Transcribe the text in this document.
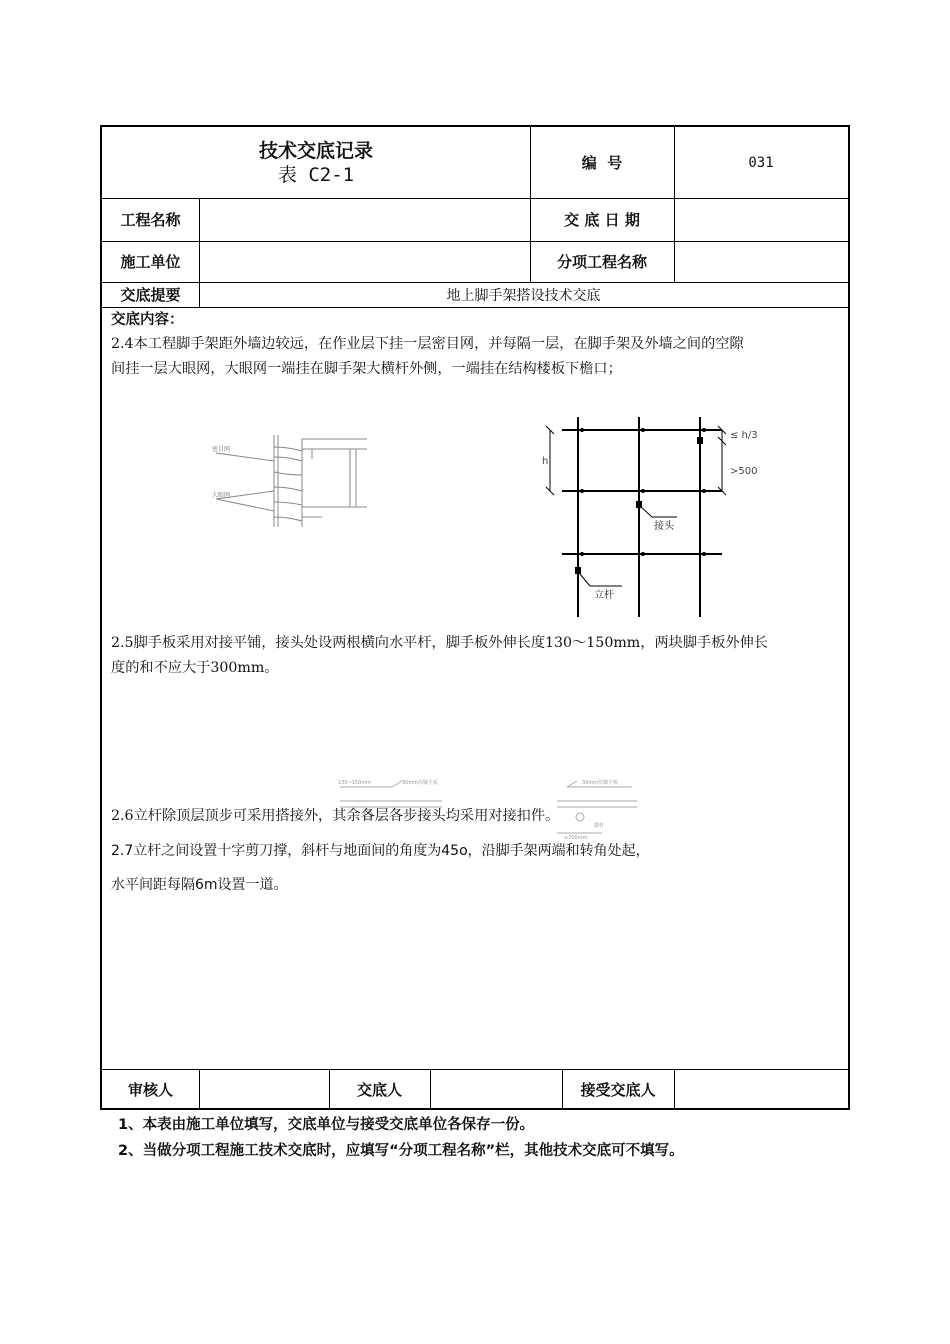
技术交底记录
表 C2-1
编  号	031
工程名称	交 底 日 期
施工单位	分项工程名称
交底提要	地上脚手架搭设技术交底
交底内容：
2.4本工程脚手架距外墙边较远，在作业层下挂一层密目网，并每隔一层，在脚手架及外墙之间的空隙
间挂一层大眼网，大眼网一端挂在脚手架大横杆外侧，一端挂在结构楼板下檐口；
密目网
大眼网
h
≤ h/3
>500
接头
立杆
2.5脚手板采用对接平铺，接头处设两根横向水平杆，脚手板外伸长度130～150mm，两块脚手板外伸长
度的和不应大于300mm。
130~150mm	30mm厚脚手板	30mm厚脚手板
≥200mm
横杆
2.6立杆除顶层顶步可采用搭接外，其余各层各步接头均采用对接扣件。
2.7立杆之间设置十字剪刀撑，斜杆与地面间的角度为45o，沿脚手架两端和转角处起，
水平间距每隔6m设置一道。
审核人	交底人	接受交底人
1、本表由施工单位填写，交底单位与接受交底单位各保存一份。
2、当做分项工程施工技术交底时，应填写“分项工程名称”栏，其他技术交底可不填写。
